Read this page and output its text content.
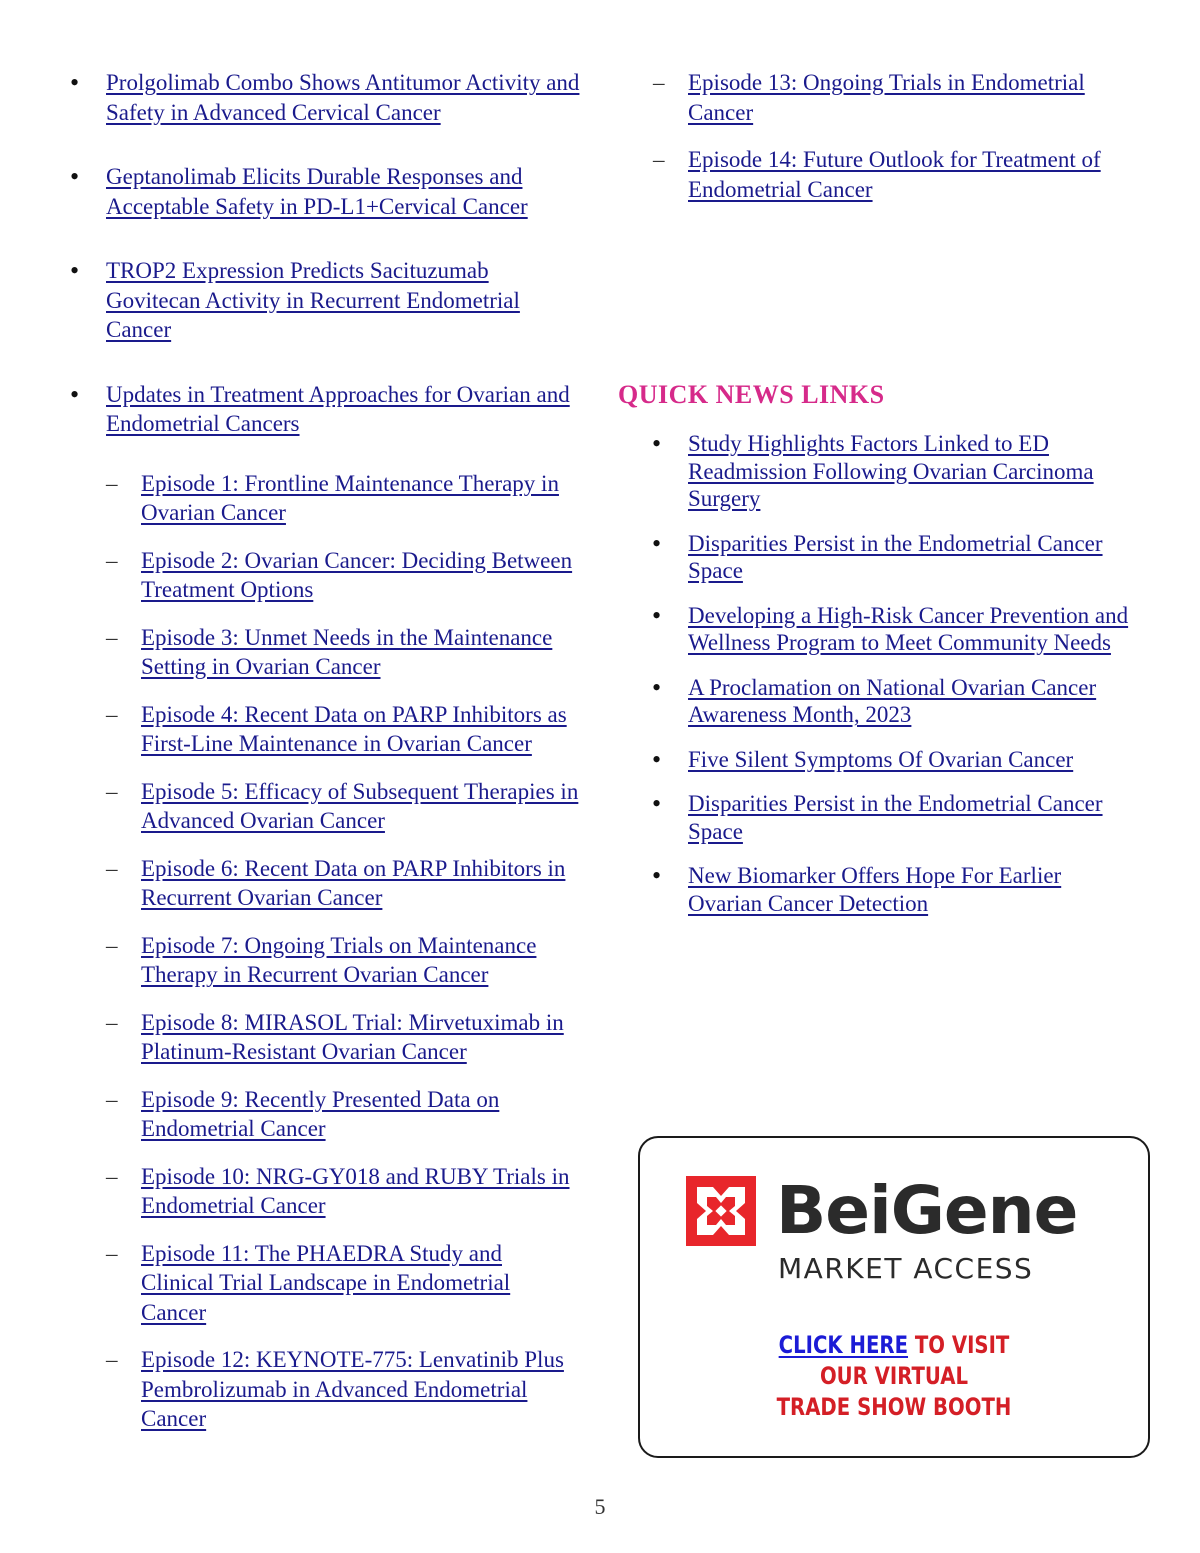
• Prolgolimab Combo Shows Antitumor Activity and Safety in Advanced Cervical Cancer
• Geptanolimab Elicits Durable Responses and Acceptable Safety in PD-L1+Cervical Cancer
• TROP2 Expression Predicts Sacituzumab Govitecan Activity in Recurrent Endometrial Cancer
• Updates in Treatment Approaches for Ovarian and Endometrial Cancers
– Episode 1: Frontline Maintenance Therapy in Ovarian Cancer
– Episode 2: Ovarian Cancer: Deciding Between Treatment Options
– Episode 3: Unmet Needs in the Maintenance Setting in Ovarian Cancer
– Episode 4: Recent Data on PARP Inhibitors as First-Line Maintenance in Ovarian Cancer
– Episode 5: Efficacy of Subsequent Therapies in Advanced Ovarian Cancer
– Episode 6: Recent Data on PARP Inhibitors in Recurrent Ovarian Cancer
– Episode 7: Ongoing Trials on Maintenance Therapy in Recurrent Ovarian Cancer
– Episode 8: MIRASOL Trial: Mirvetuximab in Platinum-Resistant Ovarian Cancer
– Episode 9: Recently Presented Data on Endometrial Cancer
– Episode 10: NRG-GY018 and RUBY Trials in Endometrial Cancer
– Episode 11: The PHAEDRA Study and Clinical Trial Landscape in Endometrial Cancer
– Episode 12: KEYNOTE-775: Lenvatinib Plus Pembrolizumab in Advanced Endometrial Cancer
– Episode 13: Ongoing Trials in Endometrial Cancer
– Episode 14: Future Outlook for Treatment of Endometrial Cancer
QUICK NEWS LINKS
• Study Highlights Factors Linked to ED Readmission Following Ovarian Carcinoma Surgery
• Disparities Persist in the Endometrial Cancer Space
• Developing a High-Risk Cancer Prevention and Wellness Program to Meet Community Needs
• A Proclamation on National Ovarian Cancer Awareness Month, 2023
• Five Silent Symptoms Of Ovarian Cancer
• Disparities Persist in the Endometrial Cancer Space
• New Biomarker Offers Hope For Earlier Ovarian Cancer Detection
BeiGene
MARKET ACCESS
CLICK HERE TO VISIT
OUR VIRTUAL
TRADE SHOW BOOTH
5
